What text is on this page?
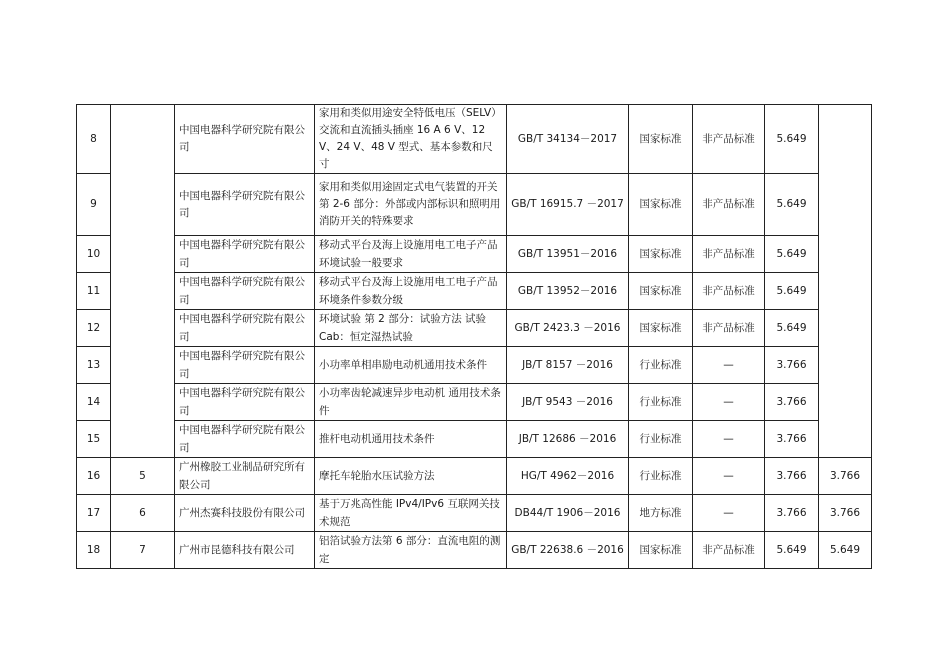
8		中国电器科学研究院有限公司	家用和类似用途安全特低电压（SELV）交流和直流插头插座 16 A 6 V、12 V、24 V、48 V 型式、基本参数和尺寸	GB/T 34134－2017	国家标准	非产品标准	5.649	
9		中国电器科学研究院有限公司	家用和类似用途固定式电气装置的开关 第 2-6 部分：外部或内部标识和照明用消防开关的特殊要求	GB/T 16915.7 －2017	国家标准	非产品标准	5.649	
10		中国电器科学研究院有限公司	移动式平台及海上设施用电工电子产品环境试验一般要求	GB/T 13951－2016	国家标准	非产品标准	5.649	
11		中国电器科学研究院有限公司	移动式平台及海上设施用电工电子产品环境条件参数分级	GB/T 13952－2016	国家标准	非产品标准	5.649	
12		中国电器科学研究院有限公司	环境试验 第 2 部分：试验方法 试验 Cab：恒定湿热试验	GB/T 2423.3 －2016	国家标准	非产品标准	5.649	
13		中国电器科学研究院有限公司	小功率单相串励电动机通用技术条件	JB/T 8157 －2016	行业标准	—	3.766	
14		中国电器科学研究院有限公司	小功率齿轮减速异步电动机 通用技术条件	JB/T 9543 －2016	行业标准	—	3.766	
15		中国电器科学研究院有限公司	推杆电动机通用技术条件	JB/T 12686 －2016	行业标准	—	3.766	
16	5	广州橡胶工业制品研究所有限公司	摩托车轮胎水压试验方法	HG/T 4962－2016	行业标准	—	3.766	3.766
17	6	广州杰赛科技股份有限公司	基于万兆高性能 IPv4/IPv6 互联网关技术规范	DB44/T 1906－2016	地方标准	—	3.766	3.766
18	7	广州市昆德科技有限公司	铝箔试验方法第 6 部分：直流电阻的测定	GB/T 22638.6 －2016	国家标准	非产品标准	5.649	5.649
